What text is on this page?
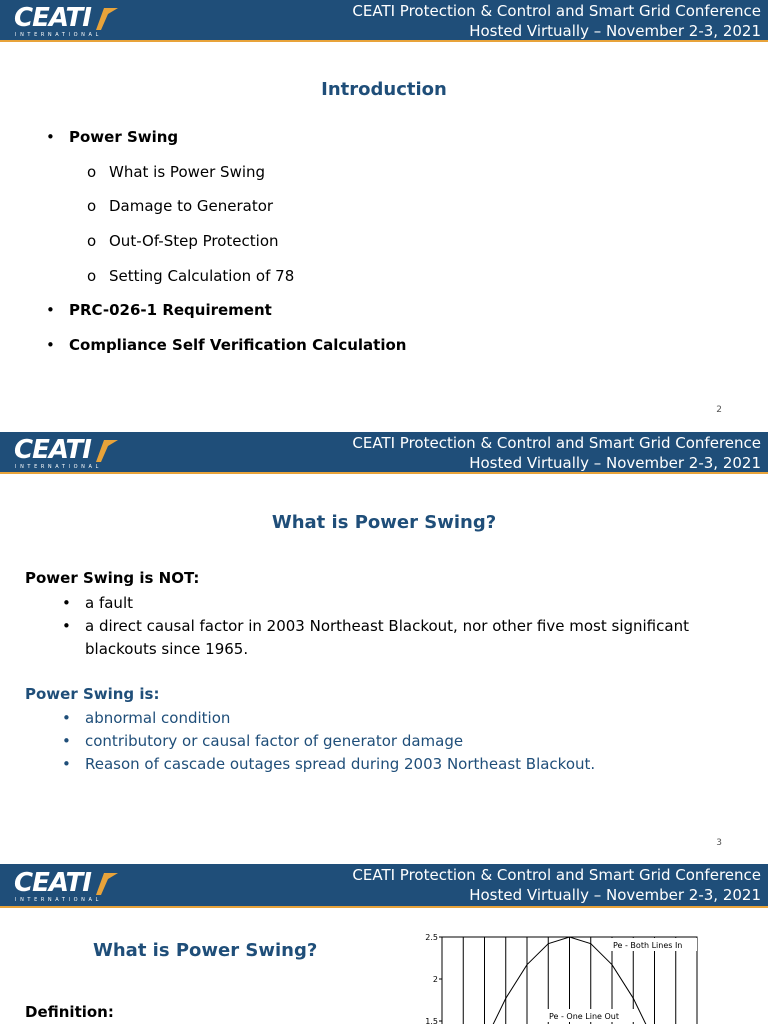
CEATI
INTERNATIONAL
CEATI Protection & Control and Smart Grid Conference
Hosted Virtually – November 2-3, 2021
Introduction
• Power Swing
o What is Power Swing
o Damage to Generator
o Out-Of-Step Protection
o Setting Calculation of 78
• PRC-026-1 Requirement
• Compliance Self Verification Calculation
2
CEATI
INTERNATIONAL
CEATI Protection & Control and Smart Grid Conference
Hosted Virtually – November 2-3, 2021
What is Power Swing?
Power Swing is NOT:
• a fault
• a direct causal factor in 2003 Northeast Blackout, nor other five most significant
blackouts since 1965.
Power Swing is:
• abnormal condition
• contributory or causal factor of generator damage
• Reason of cascade outages spread during 2003 Northeast Blackout.
3
CEATI
INTERNATIONAL
CEATI Protection & Control and Smart Grid Conference
Hosted Virtually – November 2-3, 2021
What is Power Swing?
Definition:
2.5
2
1.5
Pe - Both Lines In
Pe - One Line Out
